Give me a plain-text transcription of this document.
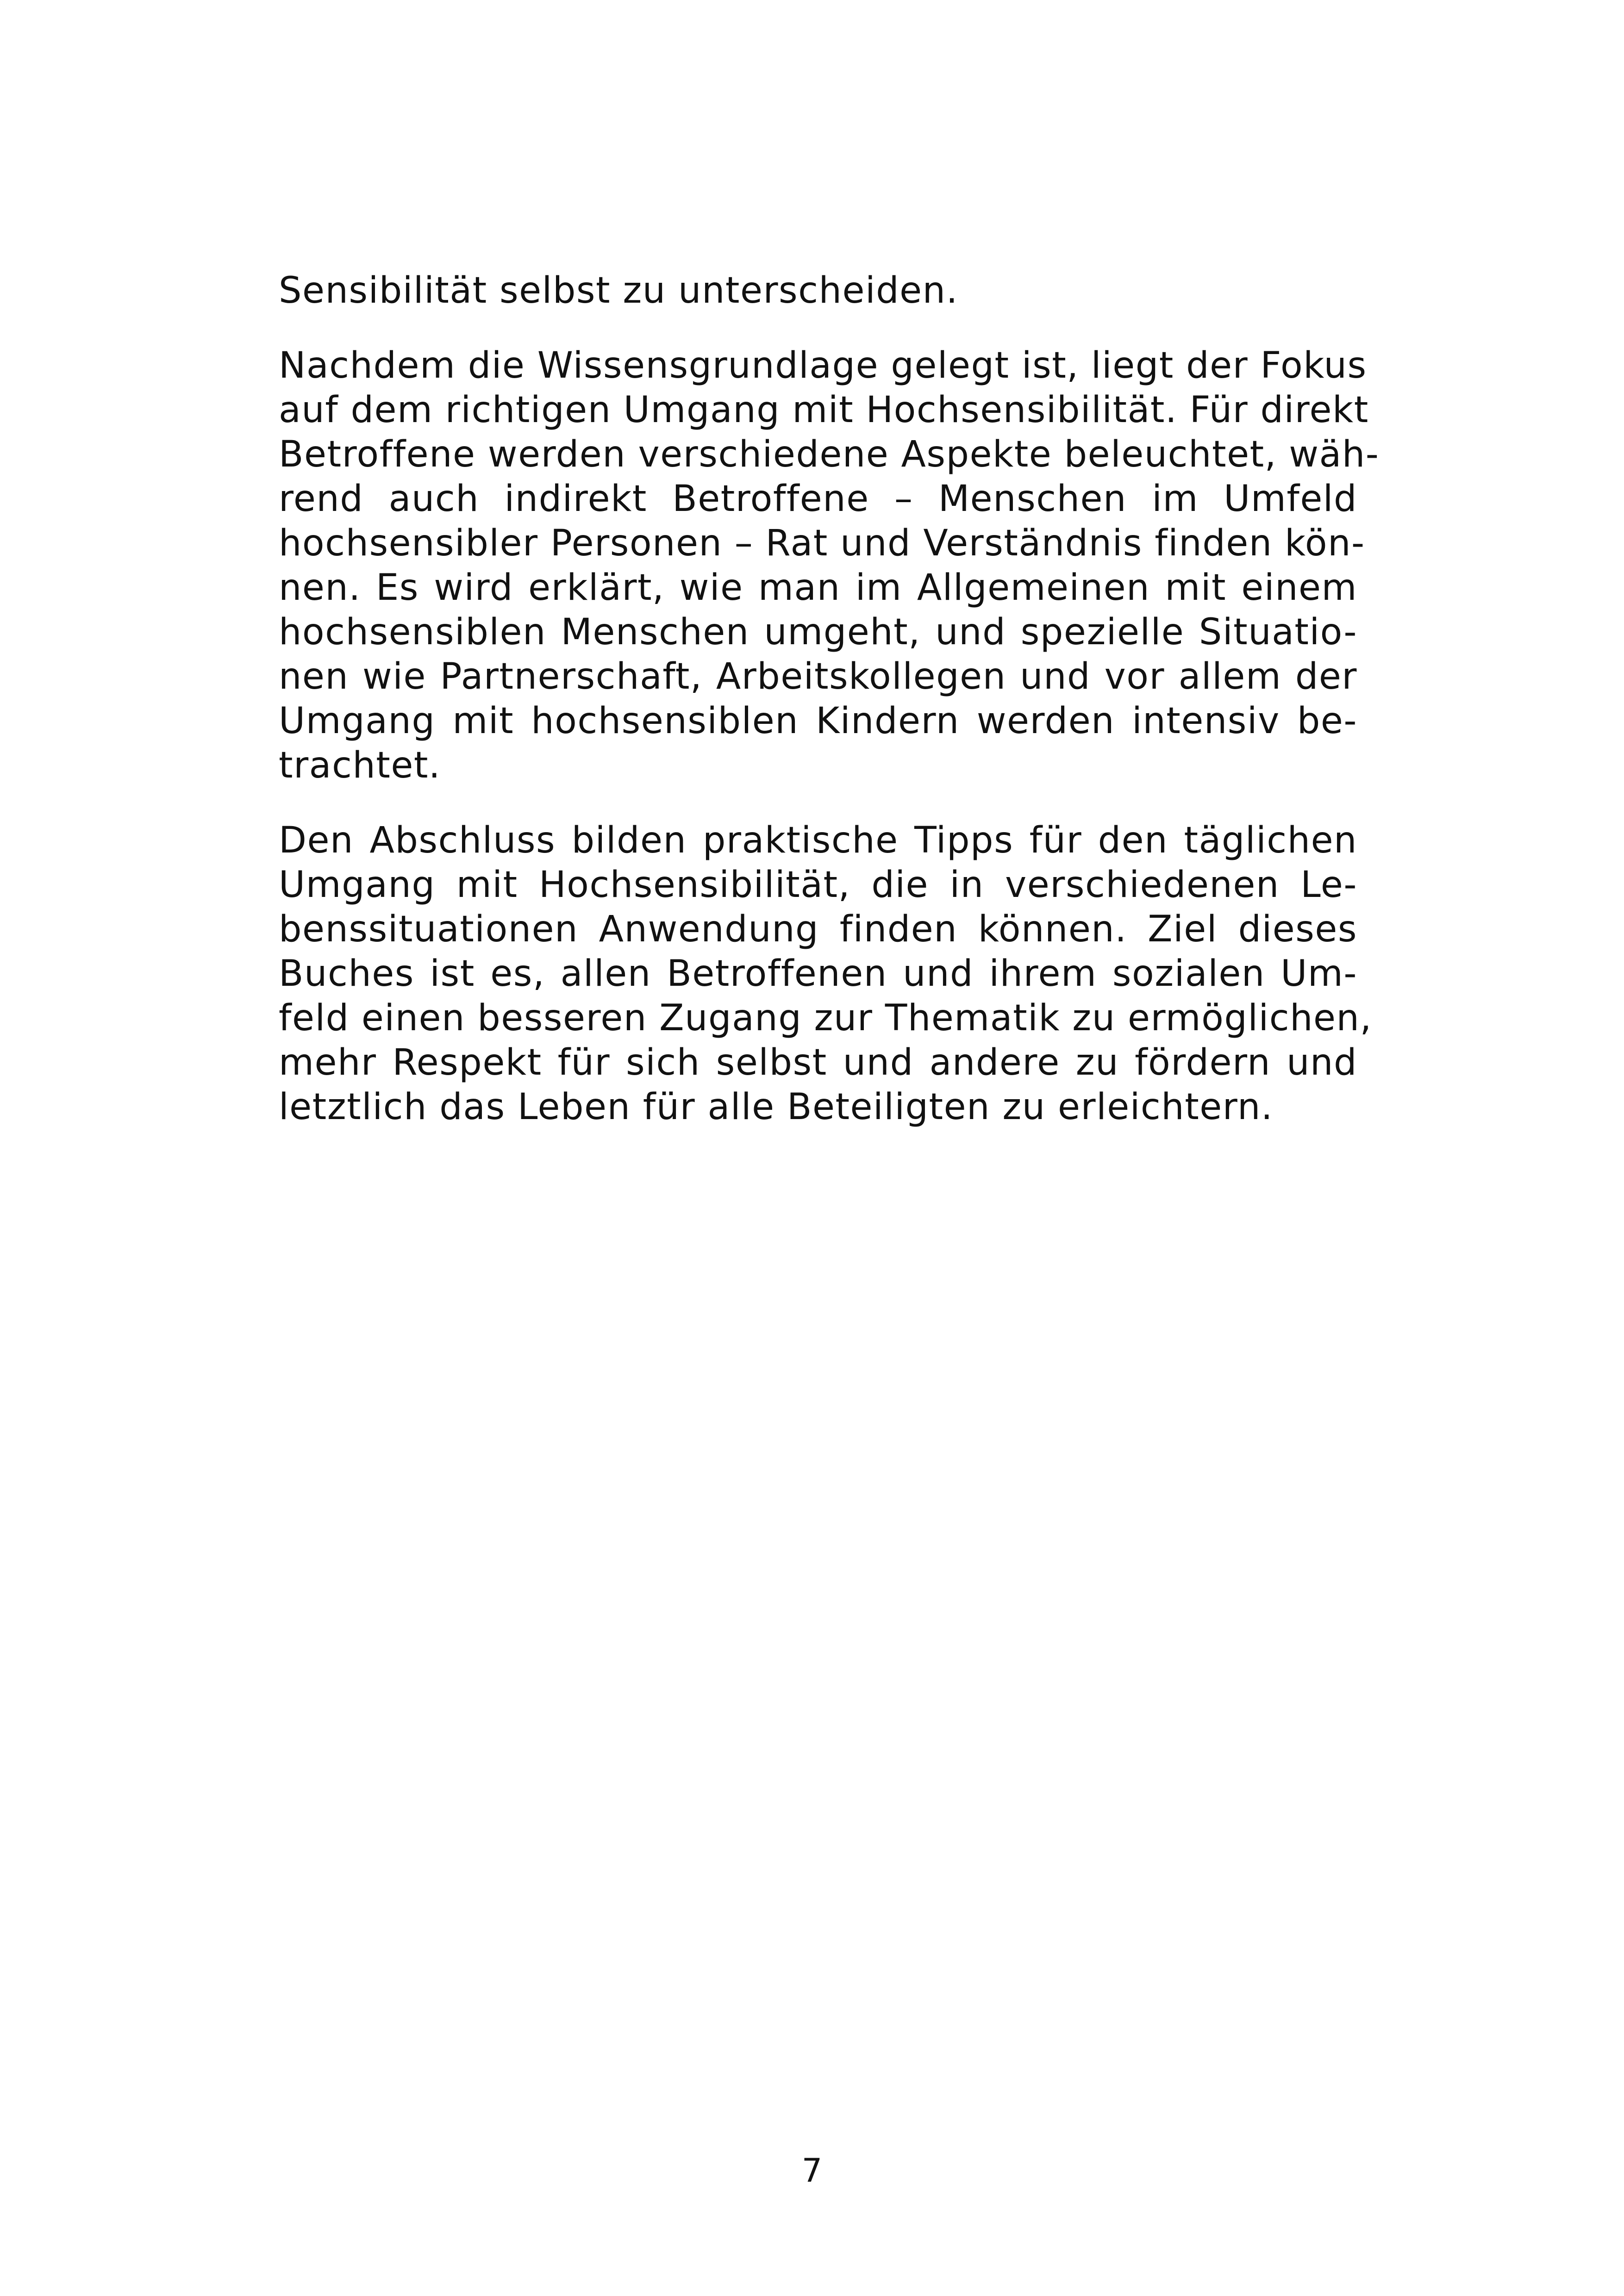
Sensibilität selbst zu unterscheiden.
Nachdem die Wissensgrundlage gelegt ist, liegt der Fokus
auf dem richtigen Umgang mit Hochsensibilität. Für direkt
Betroffene werden verschiedene Aspekte beleuchtet, wäh-
rend auch indirekt Betroffene – Menschen im Umfeld
hochsensibler Personen – Rat und Verständnis finden kön-
nen. Es wird erklärt, wie man im Allgemeinen mit einem
hochsensiblen Menschen umgeht, und spezielle Situatio-
nen wie Partnerschaft, Arbeitskollegen und vor allem der
Umgang mit hochsensiblen Kindern werden intensiv be-
trachtet.
Den Abschluss bilden praktische Tipps für den täglichen
Umgang mit Hochsensibilität, die in verschiedenen Le-
benssituationen Anwendung finden können. Ziel dieses
Buches ist es, allen Betroffenen und ihrem sozialen Um-
feld einen besseren Zugang zur Thematik zu ermöglichen,
mehr Respekt für sich selbst und andere zu fördern und
letztlich das Leben für alle Beteiligten zu erleichtern.
7
